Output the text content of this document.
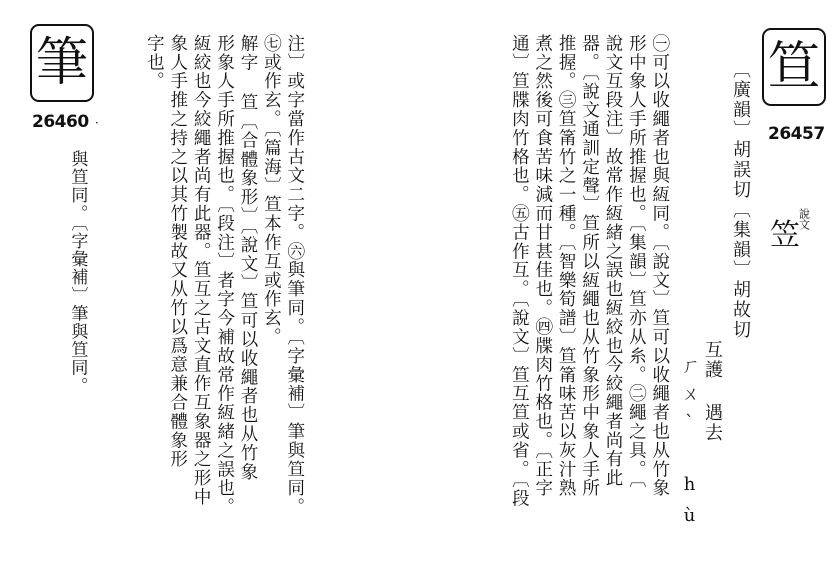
笪
26457
笠
說文
〔廣韻〕胡誤切〔集韻〕胡故切
互護 遇去
ㄏㄨˋ hù
㊀可以收繩者也與絚同。〔說文〕笪可以收繩者也从竹象
形中象人手所推握也。〔集韻〕笪亦从糸。㊁繩之具。〔
說文互段注〕故常作絚緒之誤也絚絞也今絞繩者尚有此
器。〔說文通訓定聲〕笪所以絚繩也从竹象形中象人手所
推握。㊂笪筩竹之一種。〔智樂筍譜〕笪筩味苦以灰汁熟
煮之然後可食苦味減而甘甚佳也。㊃牒肉竹格也。〔正字
通〕笪牒肉竹格也。㊄古作互。〔說文〕笪互笪或省。〔段
注〕或字當作古文二字。㊅與筆同。〔字彙補〕筆與笪同。
㊆或作玄。〔篇海〕笪本作互或作玄。
解字 笪〔合體象形〕〔說文〕笪可以收繩者也从竹象
形象人手所推握也。〔段注〕者字今補故常作絚緒之誤也。
絚絞也今絞繩者尚有此器。笪互之古文直作互象器之形中
象人手推之持之以其竹製故又从竹以爲意兼合體象形
字也。
筆
26460 ·
與笪同。〔字彙補〕筆與笪同。
